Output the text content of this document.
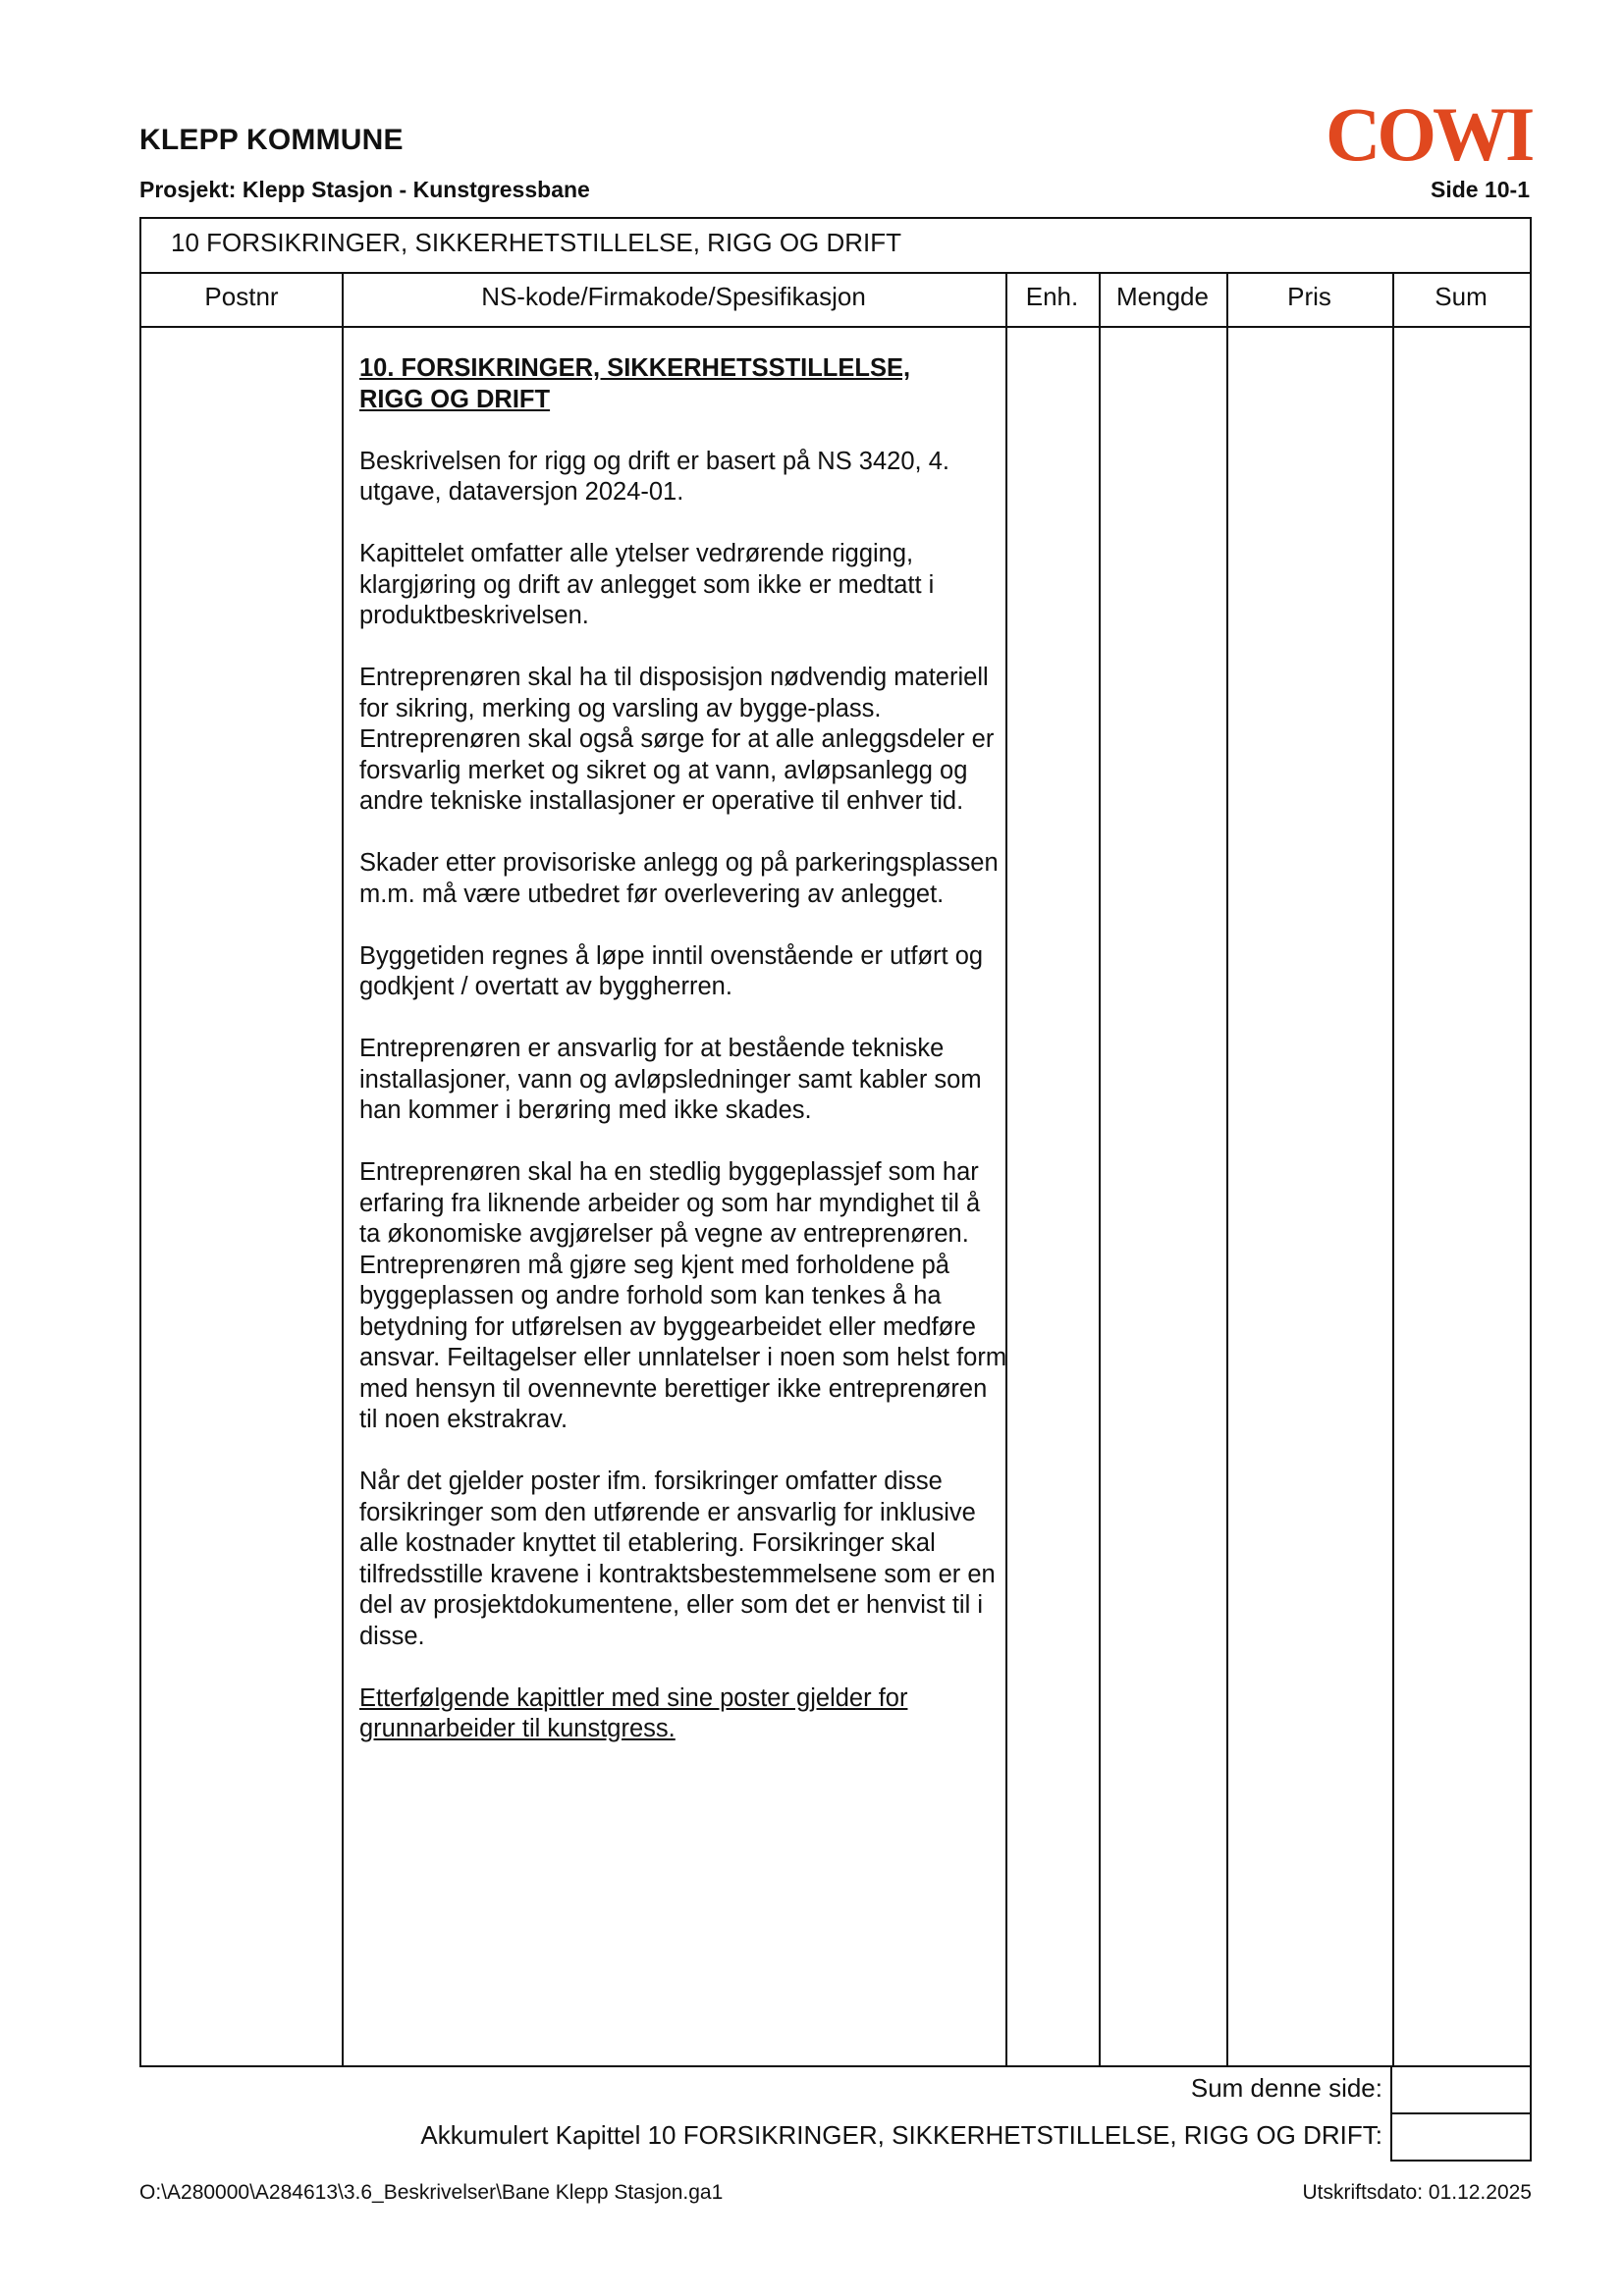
KLEPP KOMMUNE
Prosjekt: Klepp Stasjon - Kunstgressbane	Side 10-1
COWI
10 FORSIKRINGER, SIKKERHETSTILLELSE, RIGG OG DRIFT
Postnr	NS-kode/Firmakode/Spesifikasjon	Enh.	Mengde	Pris	Sum

10. FORSIKRINGER, SIKKERHETSSTILLELSE,
RIGG OG DRIFT

Beskrivelsen for rigg og drift er basert på NS 3420, 4. utgave, dataversjon 2024-01.

Kapittelet omfatter alle ytelser vedrørende rigging, klargjøring og drift av anlegget som ikke er medtatt i produktbeskrivelsen.

Entreprenøren skal ha til disposisjon nødvendig materiell for sikring, merking og varsling av bygge-plass. Entreprenøren skal også sørge for at alle anleggsdeler er forsvarlig merket og sikret og at vann, avløpsanlegg og andre tekniske installasjoner er operative til enhver tid.

Skader etter provisoriske anlegg og på parkeringsplassen m.m. må være utbedret før overlevering av anlegget.

Byggetiden regnes å løpe inntil ovenstående er utført og godkjent / overtatt av byggherren.

Entreprenøren er ansvarlig for at bestående tekniske installasjoner, vann og avløpsledninger samt kabler som han kommer i berøring med ikke skades.

Entreprenøren skal ha en stedlig byggeplassjef som har erfaring fra liknende arbeider og som har myndighet til å ta økonomiske avgjørelser på vegne av entreprenøren. Entreprenøren må gjøre seg kjent med forholdene på byggeplassen og andre forhold som kan tenkes å ha betydning for utførelsen av byggearbeidet eller medføre ansvar. Feiltagelser eller unnlatelser i noen som helst form med hensyn til ovennevnte berettiger ikke entreprenøren til noen ekstrakrav.

Når det gjelder poster ifm. forsikringer omfatter disse forsikringer som den utførende er ansvarlig for inklusive alle kostnader knyttet til etablering. Forsikringer skal tilfredsstille kravene i kontraktsbestemmelsene som er en del av prosjektdokumentene, eller som det er henvist til i disse.

Etterfølgende kapittler med sine poster gjelder for grunnarbeider til kunstgress.

Sum denne side:
Akkumulert Kapittel 10 FORSIKRINGER, SIKKERHETSTILLELSE, RIGG OG DRIFT:
O:\A280000\A284613\3.6_Beskrivelser\Bane Klepp Stasjon.ga1	Utskriftsdato: 01.12.2025
